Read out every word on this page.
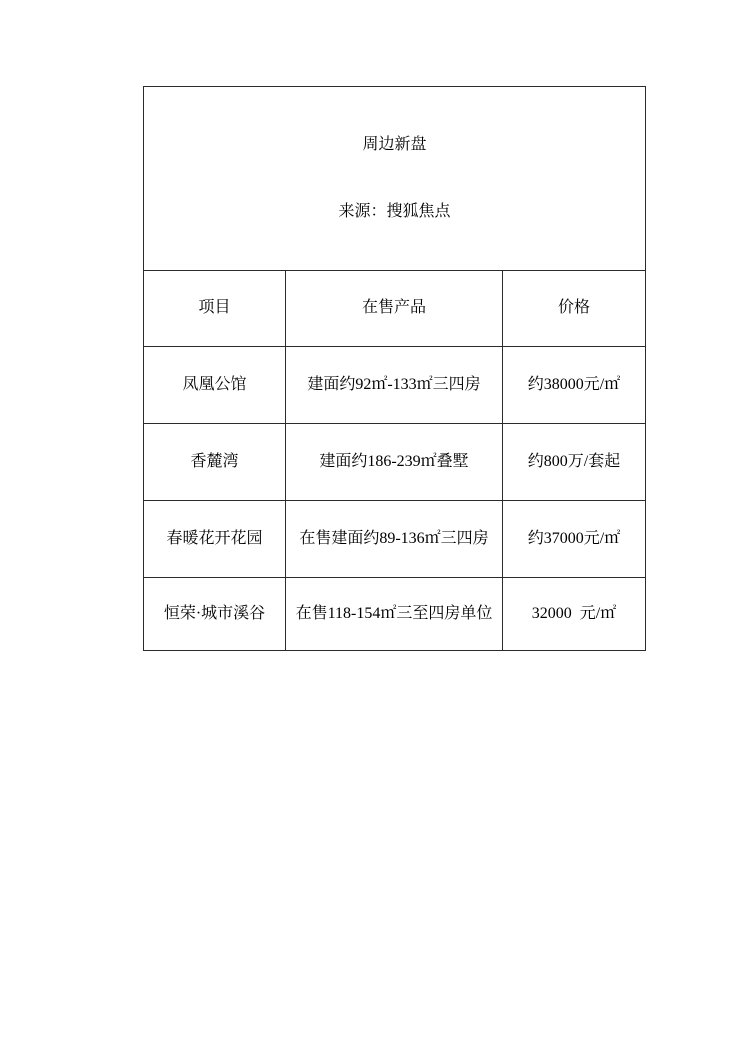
周边新盘

来源：搜狐焦点		

项目	在售产品	价格
凤凰公馆	建面约92㎡-133㎡三四房	约38000元/㎡
香麓湾	建面约186-239㎡叠墅	约800万/套起
春暖花开花园	在售建面约89-136㎡三四房	约37000元/㎡
恒荣·城市溪谷	在售118-154㎡三至四房单位	32000  元/㎡
